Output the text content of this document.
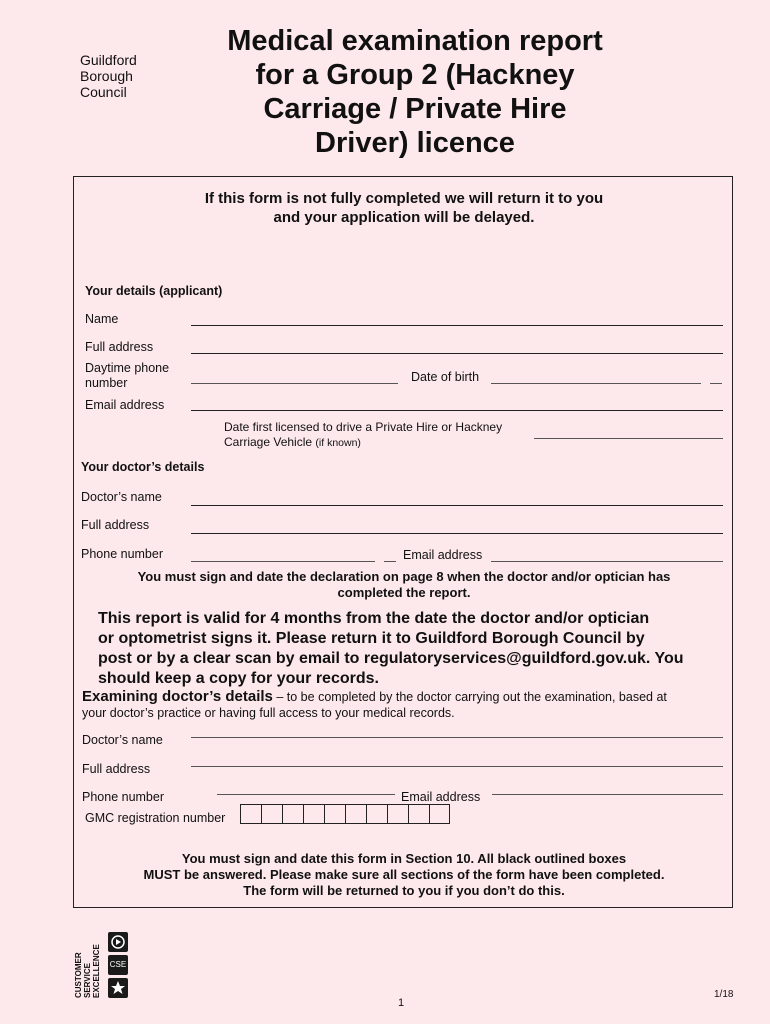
Guildford
Borough
Council
Medical examination report
for a Group 2 (Hackney
Carriage / Private Hire
Driver) licence
If this form is not fully completed we will return it to you
and your application will be delayed.
Your details (applicant)
Name
Full address
Daytime phone
number	Date of birth
Email address
Date first licensed to drive a Private Hire or Hackney
Carriage Vehicle (if known)
Your doctor’s details
Doctor’s name
Full address
Phone number	Email address
You must sign and date the declaration on page 8 when the doctor and/or optician has
completed the report.
This report is valid for 4 months from the date the doctor and/or optician
or optometrist signs it. Please return it to Guildford Borough Council by
post or by a clear scan by email to regulatoryservices@guildford.gov.uk. You
should keep a copy for your records.
Examining doctor’s details – to be completed by the doctor carrying out the examination, based at
your doctor’s practice or having full access to your medical records.
Doctor’s name
Full address
Phone number	Email address
GMC registration number
You must sign and date this form in Section 10. All black outlined boxes
MUST be answered. Please make sure all sections of the form have been completed.
The form will be returned to you if you don’t do this.
CUSTOMER SERVICE EXCELLENCE CSE
1
1/18
